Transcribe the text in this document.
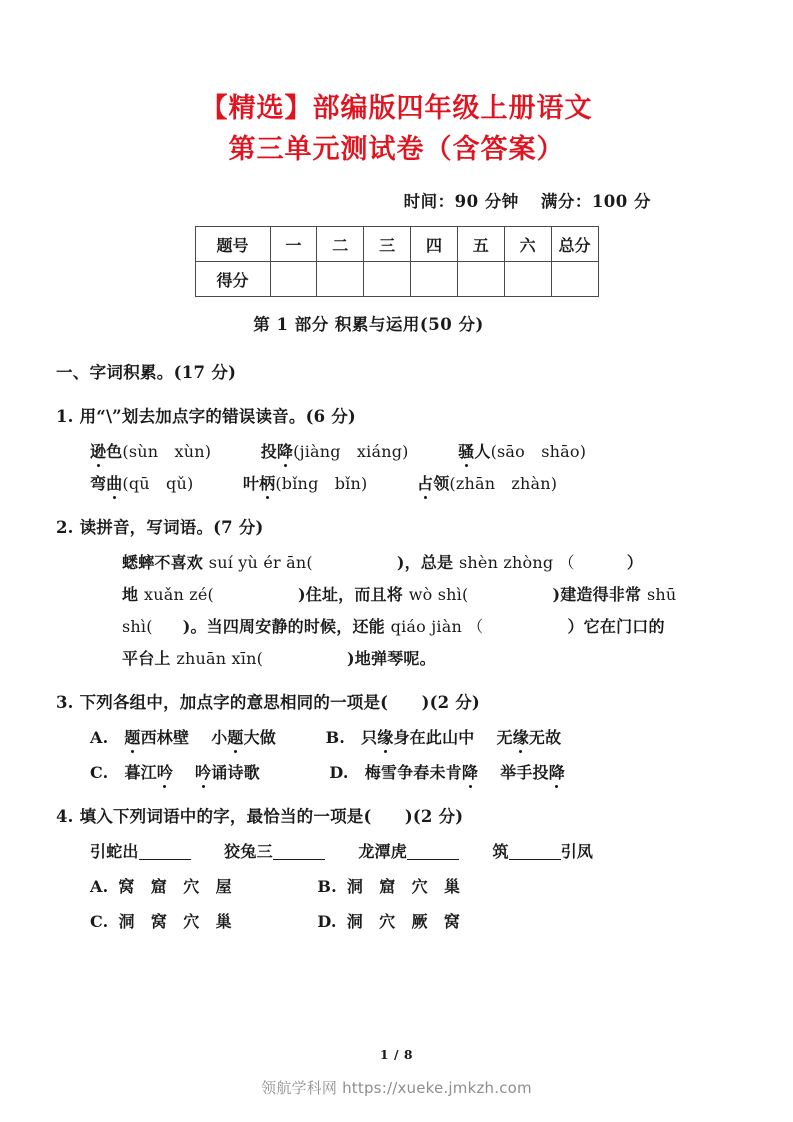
【精选】部编版四年级上册语文
第三单元测试卷（含答案）
时间：90 分钟 满分：100 分
题号	一	二	三	四	五	六	总分
得分							
第 1 部分 积累与运用(50 分)
一、字词积累。(17 分)
1. 用“\”划去加点字的错误读音。(6 分)
逊色(sùn　xùn)	投降(jiàng　xiáng)	骚人(sāo　shāo)
弯曲(qū　qǔ)	叶柄(bǐng　bǐn)	占领(zhān　zhàn)
2. 读拼音，写词语。(7 分)
蟋蟀不喜欢 suí yù ér ān(	)，总是 shèn zhòng （	）
地 xuǎn zé(	)住址，而且将 wò shì(	)建造得非常 shū
shì( )。当四周安静的时候，还能 qiáo jiàn （	）它在门口的
平台上 zhuān xīn(	)地弹琴呢。
3. 下列各组中，加点字的意思相同的一项是(　　)(2 分)
A. 题西林壁 小题大做	B. 只缘身在此山中 无缘无故
C. 暮江吟 吟诵诗歌	D. 梅雪争春未肯降 举手投降
4. 填入下列词语中的字，最恰当的一项是(　　)(2 分)
引蛇出	狡兔三	龙潭虎	筑	引凤
A. 窝　窟　穴　屋	B. 洞　窟　穴　巢
C. 洞　窝　穴　巢	D. 洞　穴　厥　窝
1 / 8
领航学科网 https://xueke.jmkzh.com
